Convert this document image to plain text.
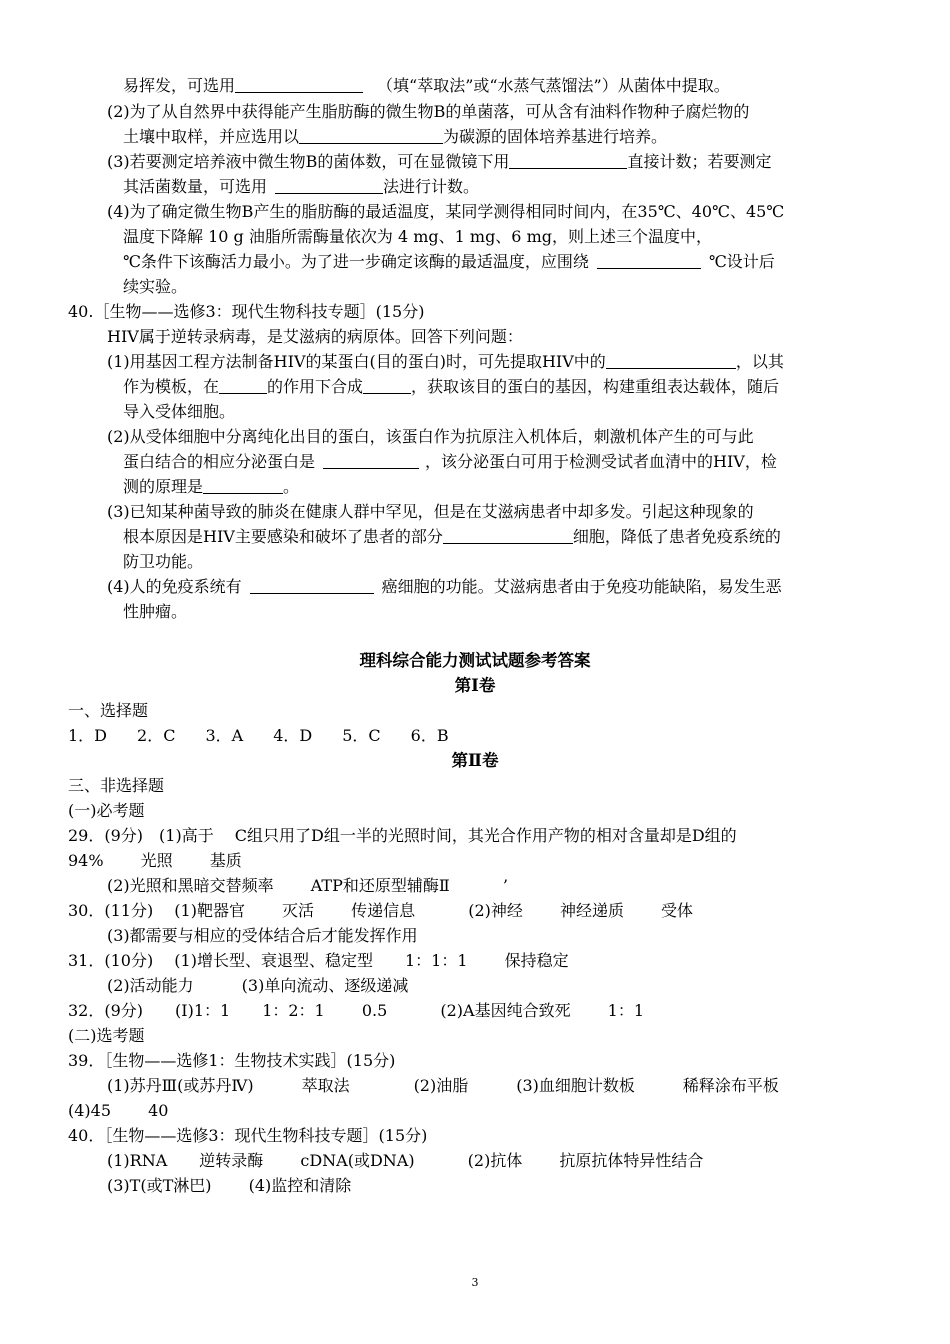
易挥发，可选用	（填“萃取法”或“水蒸气蒸馏法”）从菌体中提取。
(2)为了从自然界中获得能产生脂肪酶的微生物B的单菌落，可从含有油料作物种子腐烂物的
土壤中取样，并应选用以	为碳源的固体培养基进行培养。
(3)若要测定培养液中微生物B的菌体数，可在显微镜下用	直接计数；若要测定
其活菌数量，可选用	法进行计数。
(4)为了确定微生物B产生的脂肪酶的最适温度，某同学测得相同时间内，在35℃、40℃、45℃
温度下降解 10 g 油脂所需酶量依次为 4 mg、1 mg、6 mg，则上述三个温度中，
℃条件下该酶活力最小。为了进一步确定该酶的最适温度，应围绕	℃设计后
续实验。
40.［生物——选修3：现代生物科技专题］(15分)
HIV属于逆转录病毒，是艾滋病的病原体。回答下列问题：
(1)用基因工程方法制备HIV的某蛋白(目的蛋白)时，可先提取HIV中的	，以其
作为模板，在	的作用下合成	，获取该目的蛋白的基因，构建重组表达载体，随后
导入受体细胞。
(2)从受体细胞中分离纯化出目的蛋白，该蛋白作为抗原注入机体后，刺激机体产生的可与此
蛋白结合的相应分泌蛋白是	，该分泌蛋白可用于检测受试者血清中的HIV，检
测的原理是	。
(3)已知某种菌导致的肺炎在健康人群中罕见，但是在艾滋病患者中却多发。引起这种现象的
根本原因是HIV主要感染和破坏了患者的部分	细胞，降低了患者免疫系统的
防卫功能。
(4)人的免疫系统有	癌细胞的功能。艾滋病患者由于免疫功能缺陷，易发生恶
性肿瘤。
理科综合能力测试试题参考答案
第Ⅰ卷
一、选择题
1．D 2．C 3．A 4．D 5．C 6．B
第Ⅱ卷
三、非选择题
(一)必考题
29．(9分)　(1)高于　 C组只用了D组一半的光照时间，其光合作用产物的相对含量却是D组的
94%　　 光照　　 基质
(2)光照和黑暗交替频率　　 ATP和还原型辅酶Ⅱ　　　 ’
30．(11分)　 (1)靶器官　　 灭活　　 传递信息　　　 (2)神经　　 神经递质　　 受体
(3)都需要与相应的受体结合后才能发挥作用
31．(10分)　 (1)增长型、衰退型、稳定型　　1：1：1　　 保持稳定
(2)活动能力　　　(3)单向流动、逐级递减
32．(9分)　　(I)1：1　　1：2：1　　 0.5　　　 (2)A基因纯合致死　　 1：1
(二)选考题
39．［生物——选修1：生物技术实践］(15分)
(1)苏丹Ⅲ(或苏丹Ⅳ)　　　萃取法　　　　(2)油脂　　　(3)血细胞计数板　　　稀释涂布平板
(4)45　　 40
40．［生物——选修3：现代生物科技专题］(15分)
(1)RNA　　逆转录酶　　 cDNA(或DNA)　　　 (2)抗体　　 抗原抗体特异性结合
(3)T(或T淋巴)　　 (4)监控和清除
3
